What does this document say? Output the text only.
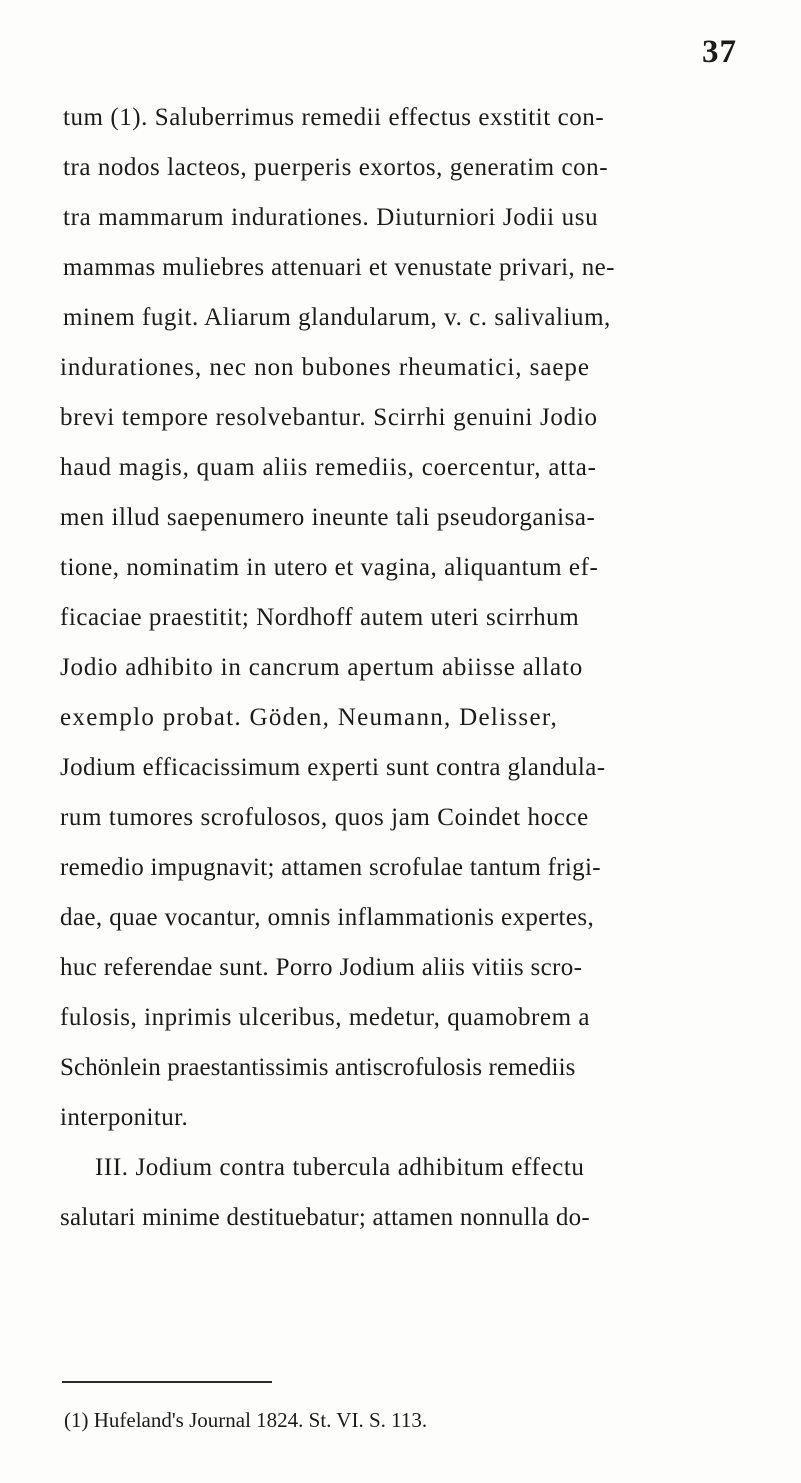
37
tum (1). Saluberrimus remedii effectus exstitit con-
tra nodos lacteos, puerperis exortos, generatim con-
tra mammarum indurationes. Diuturniori Jodii usu
mammas muliebres attenuari et venustate privari, ne-
minem fugit. Aliarum glandularum, v. c. salivalium,
indurationes, nec non bubones rheumatici, saepe
brevi tempore resolvebantur. Scirrhi genuini Jodio
haud magis, quam aliis remediis, coercentur, atta-
men illud saepenumero ineunte tali pseudorganisa-
tione, nominatim in utero et vagina, aliquantum ef-
ficaciae praestitit; Nordhoff autem uteri scirrhum
Jodio adhibito in cancrum apertum abiisse allato
exemplo probat. Göden, Neumann, Delisser,
Jodium efficacissimum experti sunt contra glandula-
rum tumores scrofulosos, quos jam Coindet hocce
remedio impugnavit; attamen scrofulae tantum frigi-
dae, quae vocantur, omnis inflammationis expertes,
huc referendae sunt. Porro Jodium aliis vitiis scro-
fulosis, inprimis ulceribus, medetur, quamobrem a
Schönlein praestantissimis antiscrofulosis remediis
interponitur.
III. Jodium contra tubercula adhibitum effectu
salutari minime destituebatur; attamen nonnulla do-
(1) Hufeland's Journal 1824. St. VI. S. 113.
